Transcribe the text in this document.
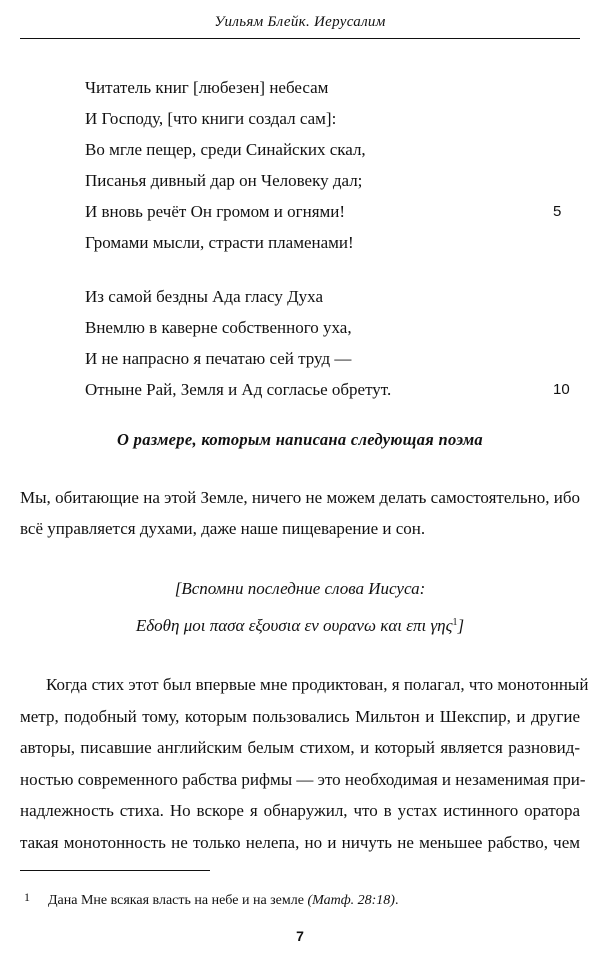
Уильям Блейк. Иерусалим
Читатель книг [любезен] небесам
И Господу, [что книги создал сам]:
Во мгле пещер, среди Синайских скал,
Писанья дивный дар он Человеку дал;
И вновь речёт Он громом и огнями!	5
Громами мысли, страсти пламенами!
Из самой бездны Ада гласу Духа
Внемлю в каверне собственного уха,
И не напрасно я печатаю сей труд —
Отныне Рай, Земля и Ад согласье обретут.	10
О размере, которым написана следующая поэма
Мы, обитающие на этой Земле, ничего не можем делать самостоятельно, ибо всё управляется духами, даже наше пищеварение и сон.
[Вспомни последние слова Иисуса:
Εδοθη μοι πασα εξουσια εν ουρανω και επι γης$^1$]
Когда стих этот был впервые мне продиктован, я полагал, что монотонный
метр, подобный тому, которым пользовались Мильтон и Шекспир, и другие
авторы, писавшие английским белым стихом, и который является разновид-
ностью современного рабства рифмы — это необходимая и незаменимая при-
надлежность стиха. Но вскоре я обнаружил, что в устах истинного оратора
такая монотонность не только нелепа, но и ничуть не меньшее рабство, чем
1 Дана Мне всякая власть на небе и на земле (Матф. 28:18).
7
